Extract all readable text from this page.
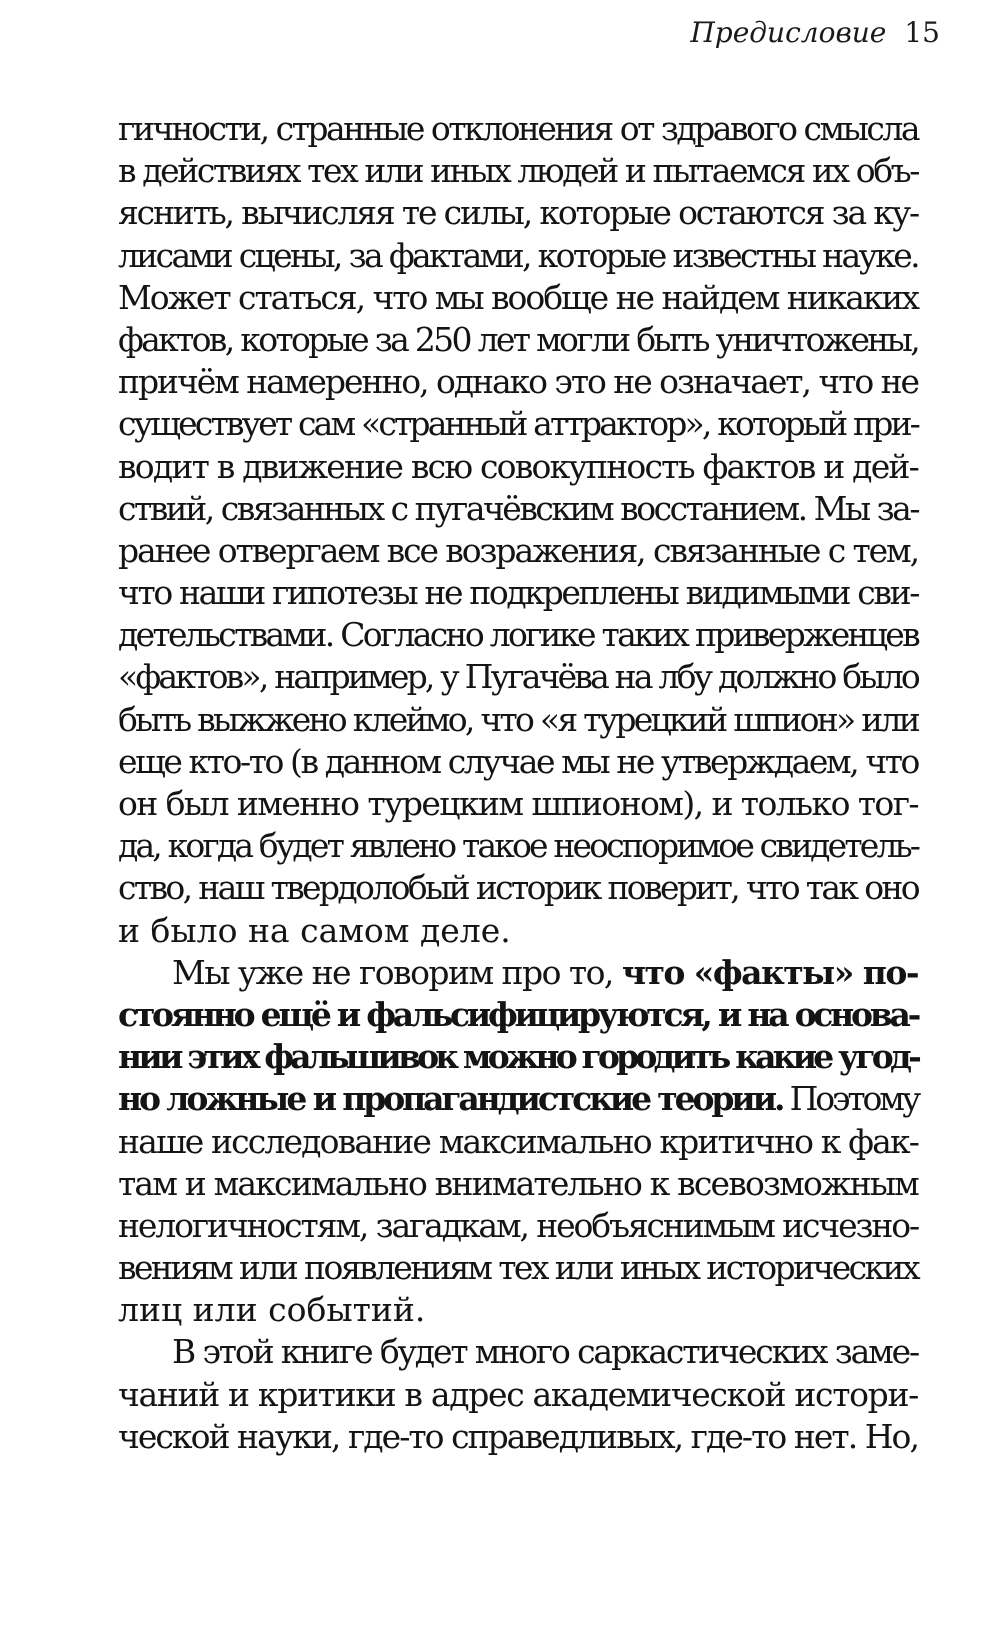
Предисловие 15
гичности, странные отклонения от здравого смысла
в действиях тех или иных людей и пытаемся их объ-
яснить, вычисляя те силы, которые остаются за ку-
лисами сцены, за фактами, которые известны науке.
Может статься, что мы вообще не найдем никаких
фактов, которые за 250 лет могли быть уничтожены,
причём намеренно, однако это не означает, что не
существует сам «странный аттрактор», который при-
водит в движение всю совокупность фактов и дей-
ствий, связанных с пугачёвским восстанием. Мы за-
ранее отвергаем все возражения, связанные с тем,
что наши гипотезы не подкреплены видимыми сви-
детельствами. Согласно логике таких приверженцев
«фактов», например, у Пугачёва на лбу должно было
быть выжжено клеймо, что «я турецкий шпион» или
еще кто-то (в данном случае мы не утверждаем, что
он был именно турецким шпионом), и только тог-
да, когда будет явлено такое неоспоримое свидетель-
ство, наш твердолобый историк поверит, что так оно
и было на самом деле.
Мы уже не говорим про то, что «факты» по-
стоянно ещё и фальсифицируются, и на основа-
нии этих фальшивок можно городить какие угод-
но ложные и пропагандистские теории. Поэтому
наше исследование максимально критично к фак-
там и максимально внимательно к всевозможным
нелогичностям, загадкам, необъяснимым исчезно-
вениям или появлениям тех или иных исторических
лиц или событий.
В этой книге будет много саркастических заме-
чаний и критики в адрес академической истори-
ческой науки, где-то справедливых, где-то нет. Но,
